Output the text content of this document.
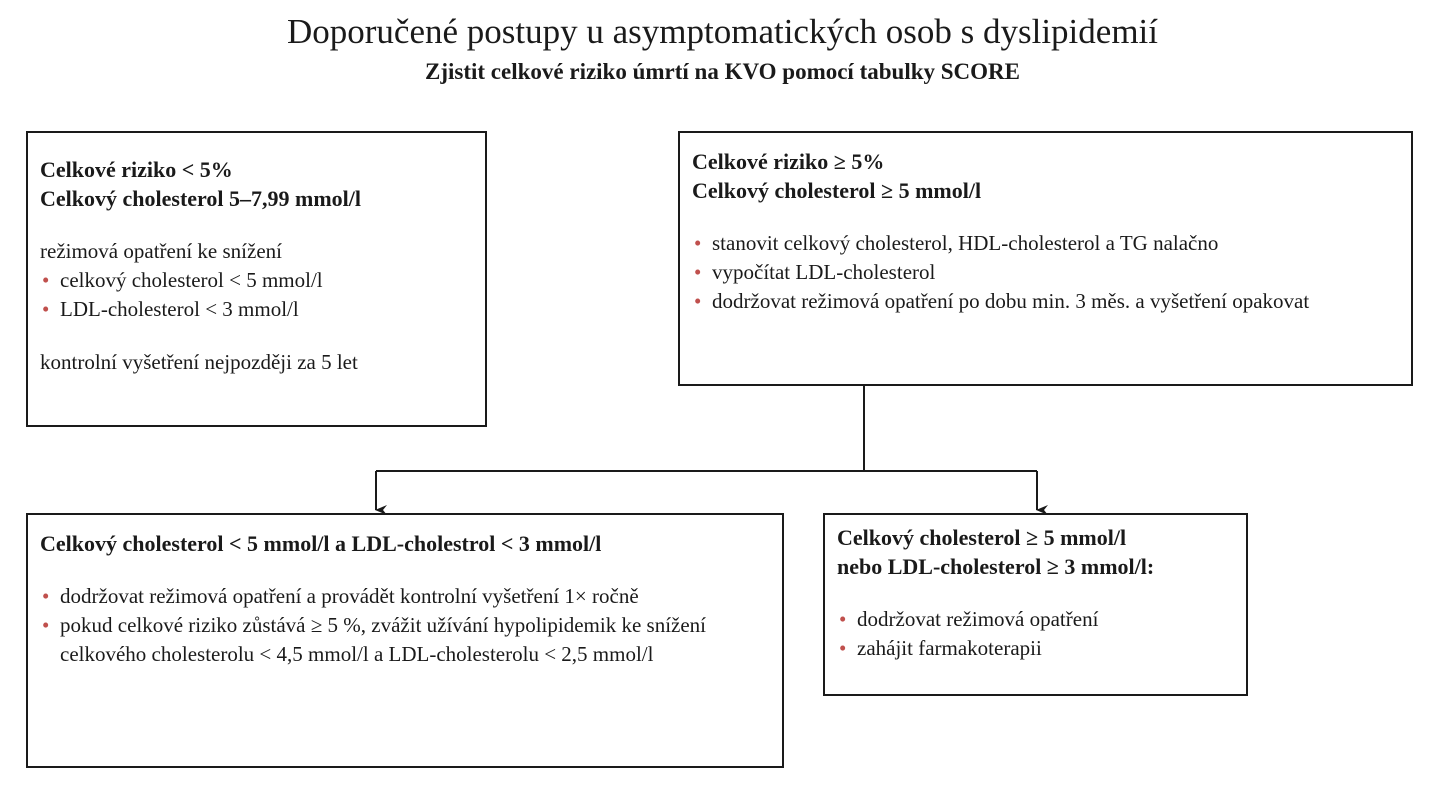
Doporučené postupy u asymptomatických osob s dyslipidemií
Zjistit celkové riziko úmrtí na KVO pomocí tabulky SCORE
Celkové riziko < 5%
Celkový cholesterol 5–7,99 mmol/l
režimová opatření ke snížení
• celkový cholesterol < 5 mmol/l
• LDL-cholesterol < 3 mmol/l
kontrolní vyšetření nejpozději za 5 let
Celkové riziko ≥ 5%
Celkový cholesterol ≥ 5 mmol/l
• stanovit celkový cholesterol, HDL-cholesterol a TG nalačno
• vypočítat LDL-cholesterol
• dodržovat režimová opatření po dobu min. 3 měs. a vyšetření opakovat
Celkový cholesterol < 5 mmol/l a LDL-cholestrol < 3 mmol/l
• dodržovat režimová opatření a provádět kontrolní vyšetření 1× ročně
• pokud celkové riziko zůstává ≥ 5 %, zvážit užívání hypolipidemik ke snížení celkového cholesterolu < 4,5 mmol/l a LDL-cholesterolu < 2,5 mmol/l
Celkový cholesterol ≥ 5 mmol/l
nebo LDL-cholesterol ≥ 3 mmol/l:
• dodržovat režimová opatření
• zahájit farmakoterapii
